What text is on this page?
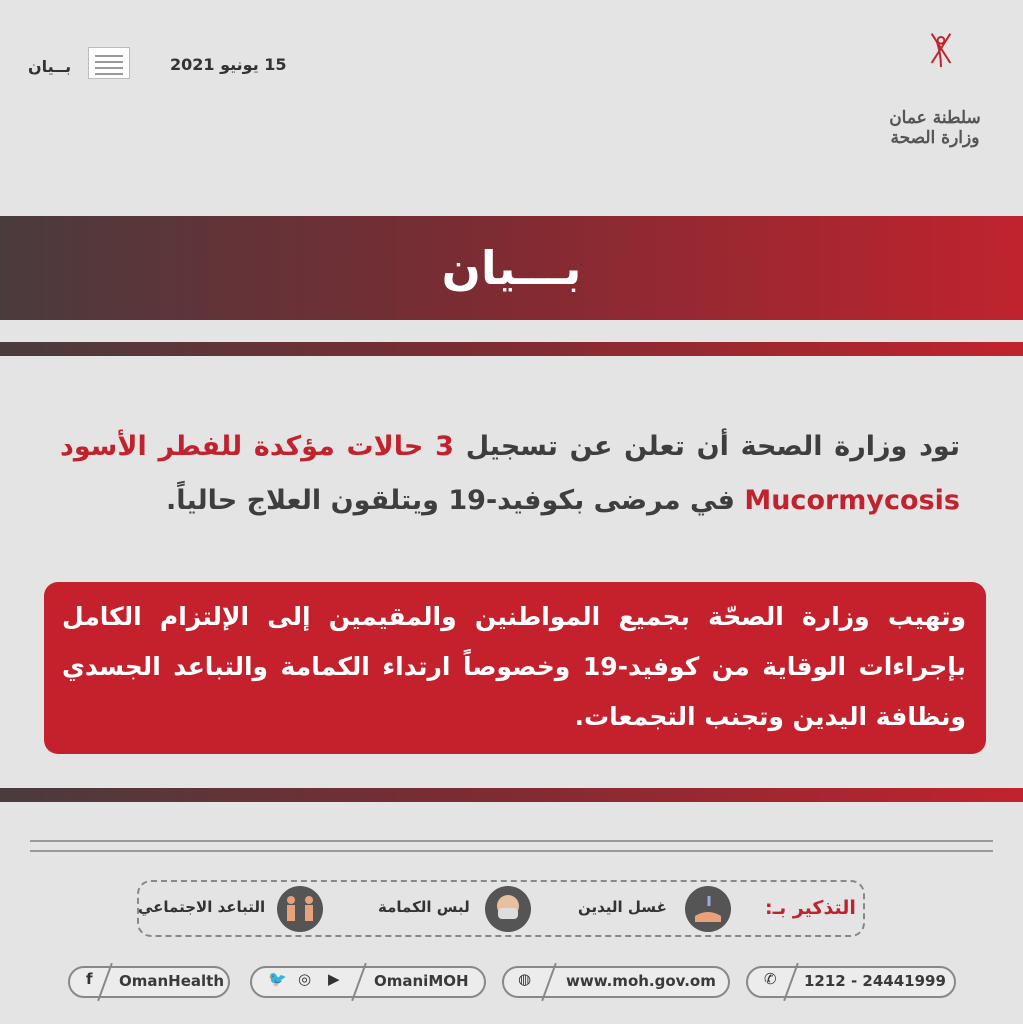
15 يونيو 2021
بــيان
سلطنة عمان
وزارة الصحة
بـــيان
تود وزارة الصحة أن تعلن عن تسجيل 3 حالات مؤكدة للفطر الأسود Mucormycosis في مرضى بكوفيد-19 ويتلقون العلاج حالياً.
وتهيب وزارة الصحّة بجميع المواطنين والمقيمين إلى الإلتزام الكامل بإجراءات الوقاية من كوفيد-19 وخصوصاً ارتداء الكمامة والتباعد الجسدي ونظافة اليدين وتجنب التجمعات.
التذكير بـ:
غسل اليدين
لبس الكمامة
التباعد الاجتماعي
f OmanHealth	🐦 ◎ ▶ OmaniMOH	◍ www.moh.gov.om	✆ 1212 - 24441999
